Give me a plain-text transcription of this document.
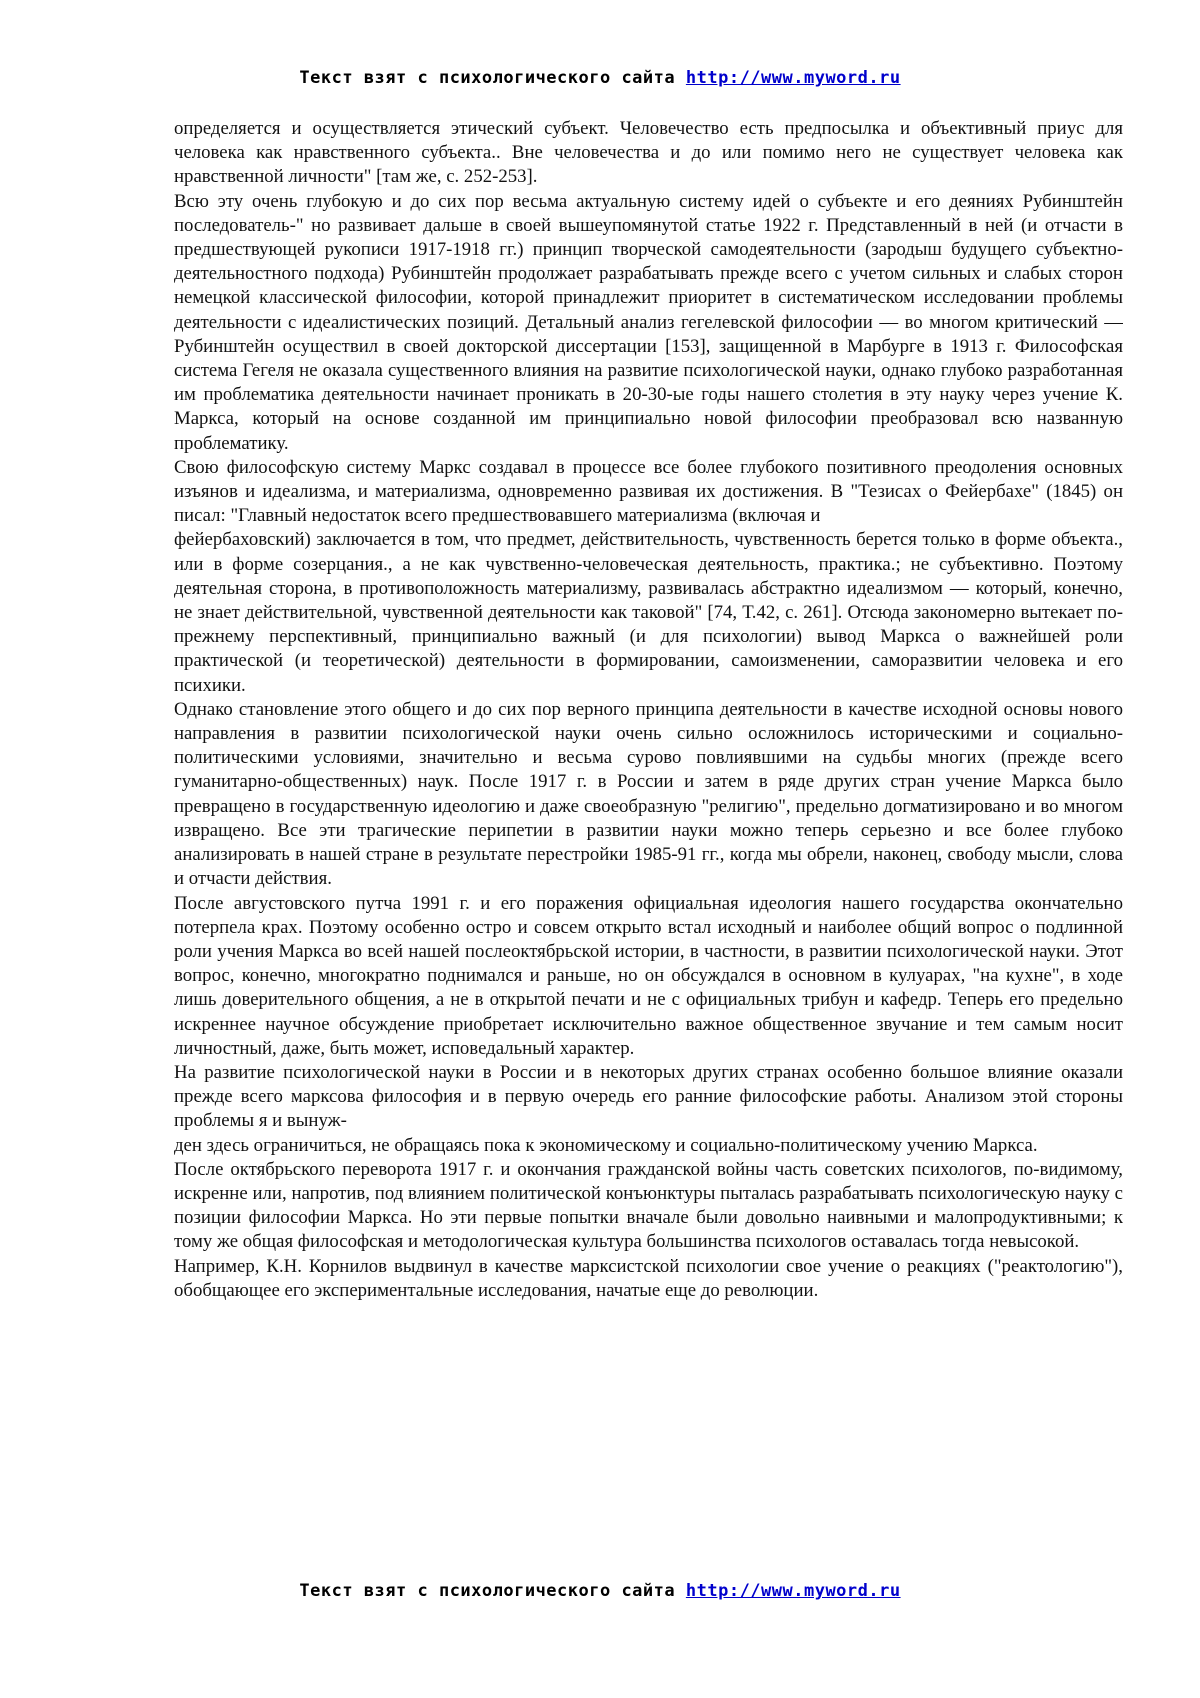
Текст взят с психологического сайта http://www.myword.ru

определяется и осуществляется этический субъект. Человечество есть предпосылка и объективный приус для человека как нравственного субъекта.. Вне человечества и до или помимо него не существует человека как нравственной личности" [там же, с. 252-253].

Всю эту очень глубокую и до сих пор весьма актуальную систему идей о субъекте и его деяниях Рубинштейн последователь-" но развивает дальше в своей вышеупомянутой статье 1922 г. Представленный в ней (и отчасти в предшествующей рукописи 1917-1918 гг.) принцип творческой самодеятельности (зародыш будущего субъектно-деятельностного подхода) Рубинштейн продолжает разрабатывать прежде всего с учетом сильных и слабых сторон немецкой классической философии, которой принадлежит приоритет в систематическом исследовании проблемы деятельности с идеалистических позиций. Детальный анализ гегелевской философии — во многом критический — Рубинштейн осуществил в своей докторской диссертации [153], защищенной в Марбурге в 1913 г. Философская система Гегеля не оказала существенного влияния на развитие психологической науки, однако глубоко разработанная им проблематика деятельности начинает проникать в 20-30-ые годы нашего столетия в эту науку через учение К. Маркса, который на основе созданной им принципиально новой философии преобразовал всю названную проблематику.

Свою философскую систему Маркс создавал в процессе все более глубокого позитивного преодоления основных изъянов и идеализма, и материализма, одновременно развивая их достижения. В "Тезисах о Фейербахе" (1845) он писал: "Главный недостаток всего предшествовавшего материализма (включая и

фейербаховский) заключается в том, что предмет, действительность, чувственность берется только в форме объекта., или в форме созерцания., а не как чувственно-человеческая деятельность, практика.; не субъективно. Поэтому деятельная сторона, в противоположность материализму, развивалась абстрактно идеализмом — который, конечно, не знает действительной, чувственной деятельности как таковой" [74, Т.42, с. 261]. Отсюда закономерно вытекает по-прежнему перспективный, принципиально важный (и для психологии) вывод Маркса о важнейшей роли практической (и теоретической) деятельности в формировании, самоизменении, саморазвитии человека и его психики.

Однако становление этого общего и до сих пор верного принципа деятельности в качестве исходной основы нового направления в развитии психологической науки очень сильно осложнилось историческими и социально-политическими условиями, значительно и весьма сурово повлиявшими на судьбы многих (прежде всего гуманитарно-общественных) наук. После 1917 г. в России и затем в ряде других стран учение Маркса было превращено в государственную идеологию и даже своеобразную "религию", предельно догматизировано и во многом извращено. Все эти трагические перипетии в развитии науки можно теперь серьезно и все более глубоко анализировать в нашей стране в результате перестройки 1985-91 гг., когда мы обрели, наконец, свободу мысли, слова и отчасти действия.

После августовского путча 1991 г. и его поражения официальная идеология нашего государства окончательно потерпела крах. Поэтому особенно остро и совсем открыто встал исходный и наиболее общий вопрос о подлинной роли учения Маркса во всей нашей послеоктябрьской истории, в частности, в развитии психологической науки. Этот вопрос, конечно, многократно поднимался и раньше, но он обсуждался в основном в кулуарах, "на кухне", в ходе лишь доверительного общения, а не в открытой печати и не с официальных трибун и кафедр. Теперь его предельно искреннее научное обсуждение приобретает исключительно важное общественное звучание и тем самым носит личностный, даже, быть может, исповедальный характер.

На развитие психологической науки в России и в некоторых других странах особенно большое влияние оказали прежде всего марксова философия и в первую очередь его ранние философские работы. Анализом этой стороны проблемы я и вынуж-

ден здесь ограничиться, не обращаясь пока к экономическому и социально-политическому учению Маркса.

После октябрьского переворота 1917 г. и окончания гражданской войны часть советских психологов, по-видимому, искренне или, напротив, под влиянием политической конъюнктуры пыталась разрабатывать психологическую науку с позиции философии Маркса. Но эти первые попытки вначале были довольно наивными и малопродуктивными; к тому же общая философская и методологическая культура большинства психологов оставалась тогда невысокой.

Например, К.Н. Корнилов выдвинул в качестве марксистской психологии свое учение о реакциях ("реактологию"), обобщающее его экспериментальные исследования, начатые еще до революции.

Текст взят с психологического сайта http://www.myword.ru
